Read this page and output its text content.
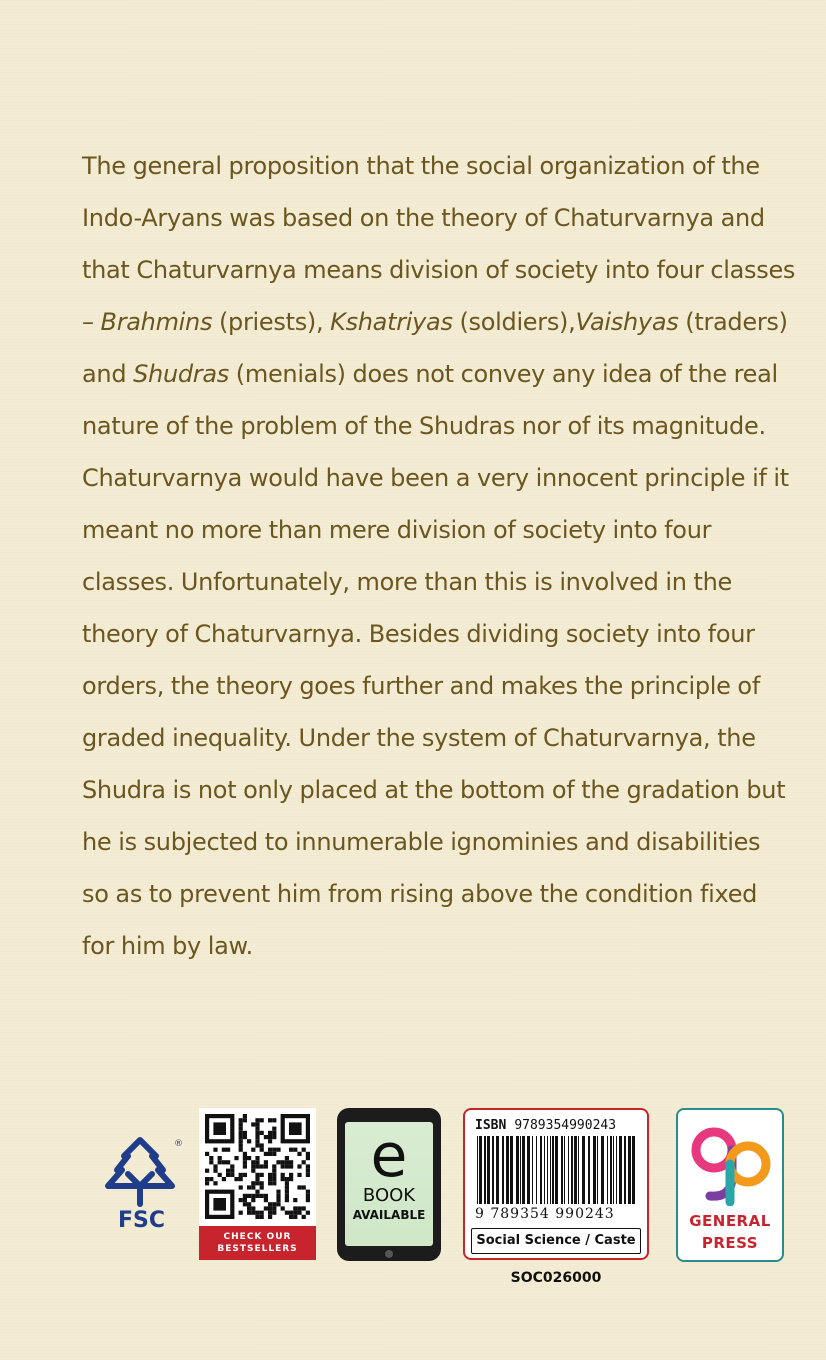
The general proposition that the social organization of the
Indo-Aryans was based on the theory of Chaturvarnya and
that Chaturvarnya means division of society into four classes
– Brahmins (priests), Kshatriyas (soldiers),Vaishyas (traders)
and Shudras (menials) does not convey any idea of the real
nature of the problem of the Shudras nor of its magnitude.
Chaturvarnya would have been a very innocent principle if it
meant no more than mere division of society into four
classes. Unfortunately, more than this is involved in the
theory of Chaturvarnya. Besides dividing society into four
orders, the theory goes further and makes the principle of
graded inequality. Under the system of Chaturvarnya, the
Shudra is not only placed at the bottom of the gradation but
he is subjected to innumerable ignominies and disabilities
so as to prevent him from rising above the condition fixed
for him by law.

®
FSC
CHECK OUR
BESTSELLERS
e
BOOK
AVAILABLE
ISBN 9789354990243
9 789354 990243
Social Science / Caste
SOC026000
GENERAL
PRESS
